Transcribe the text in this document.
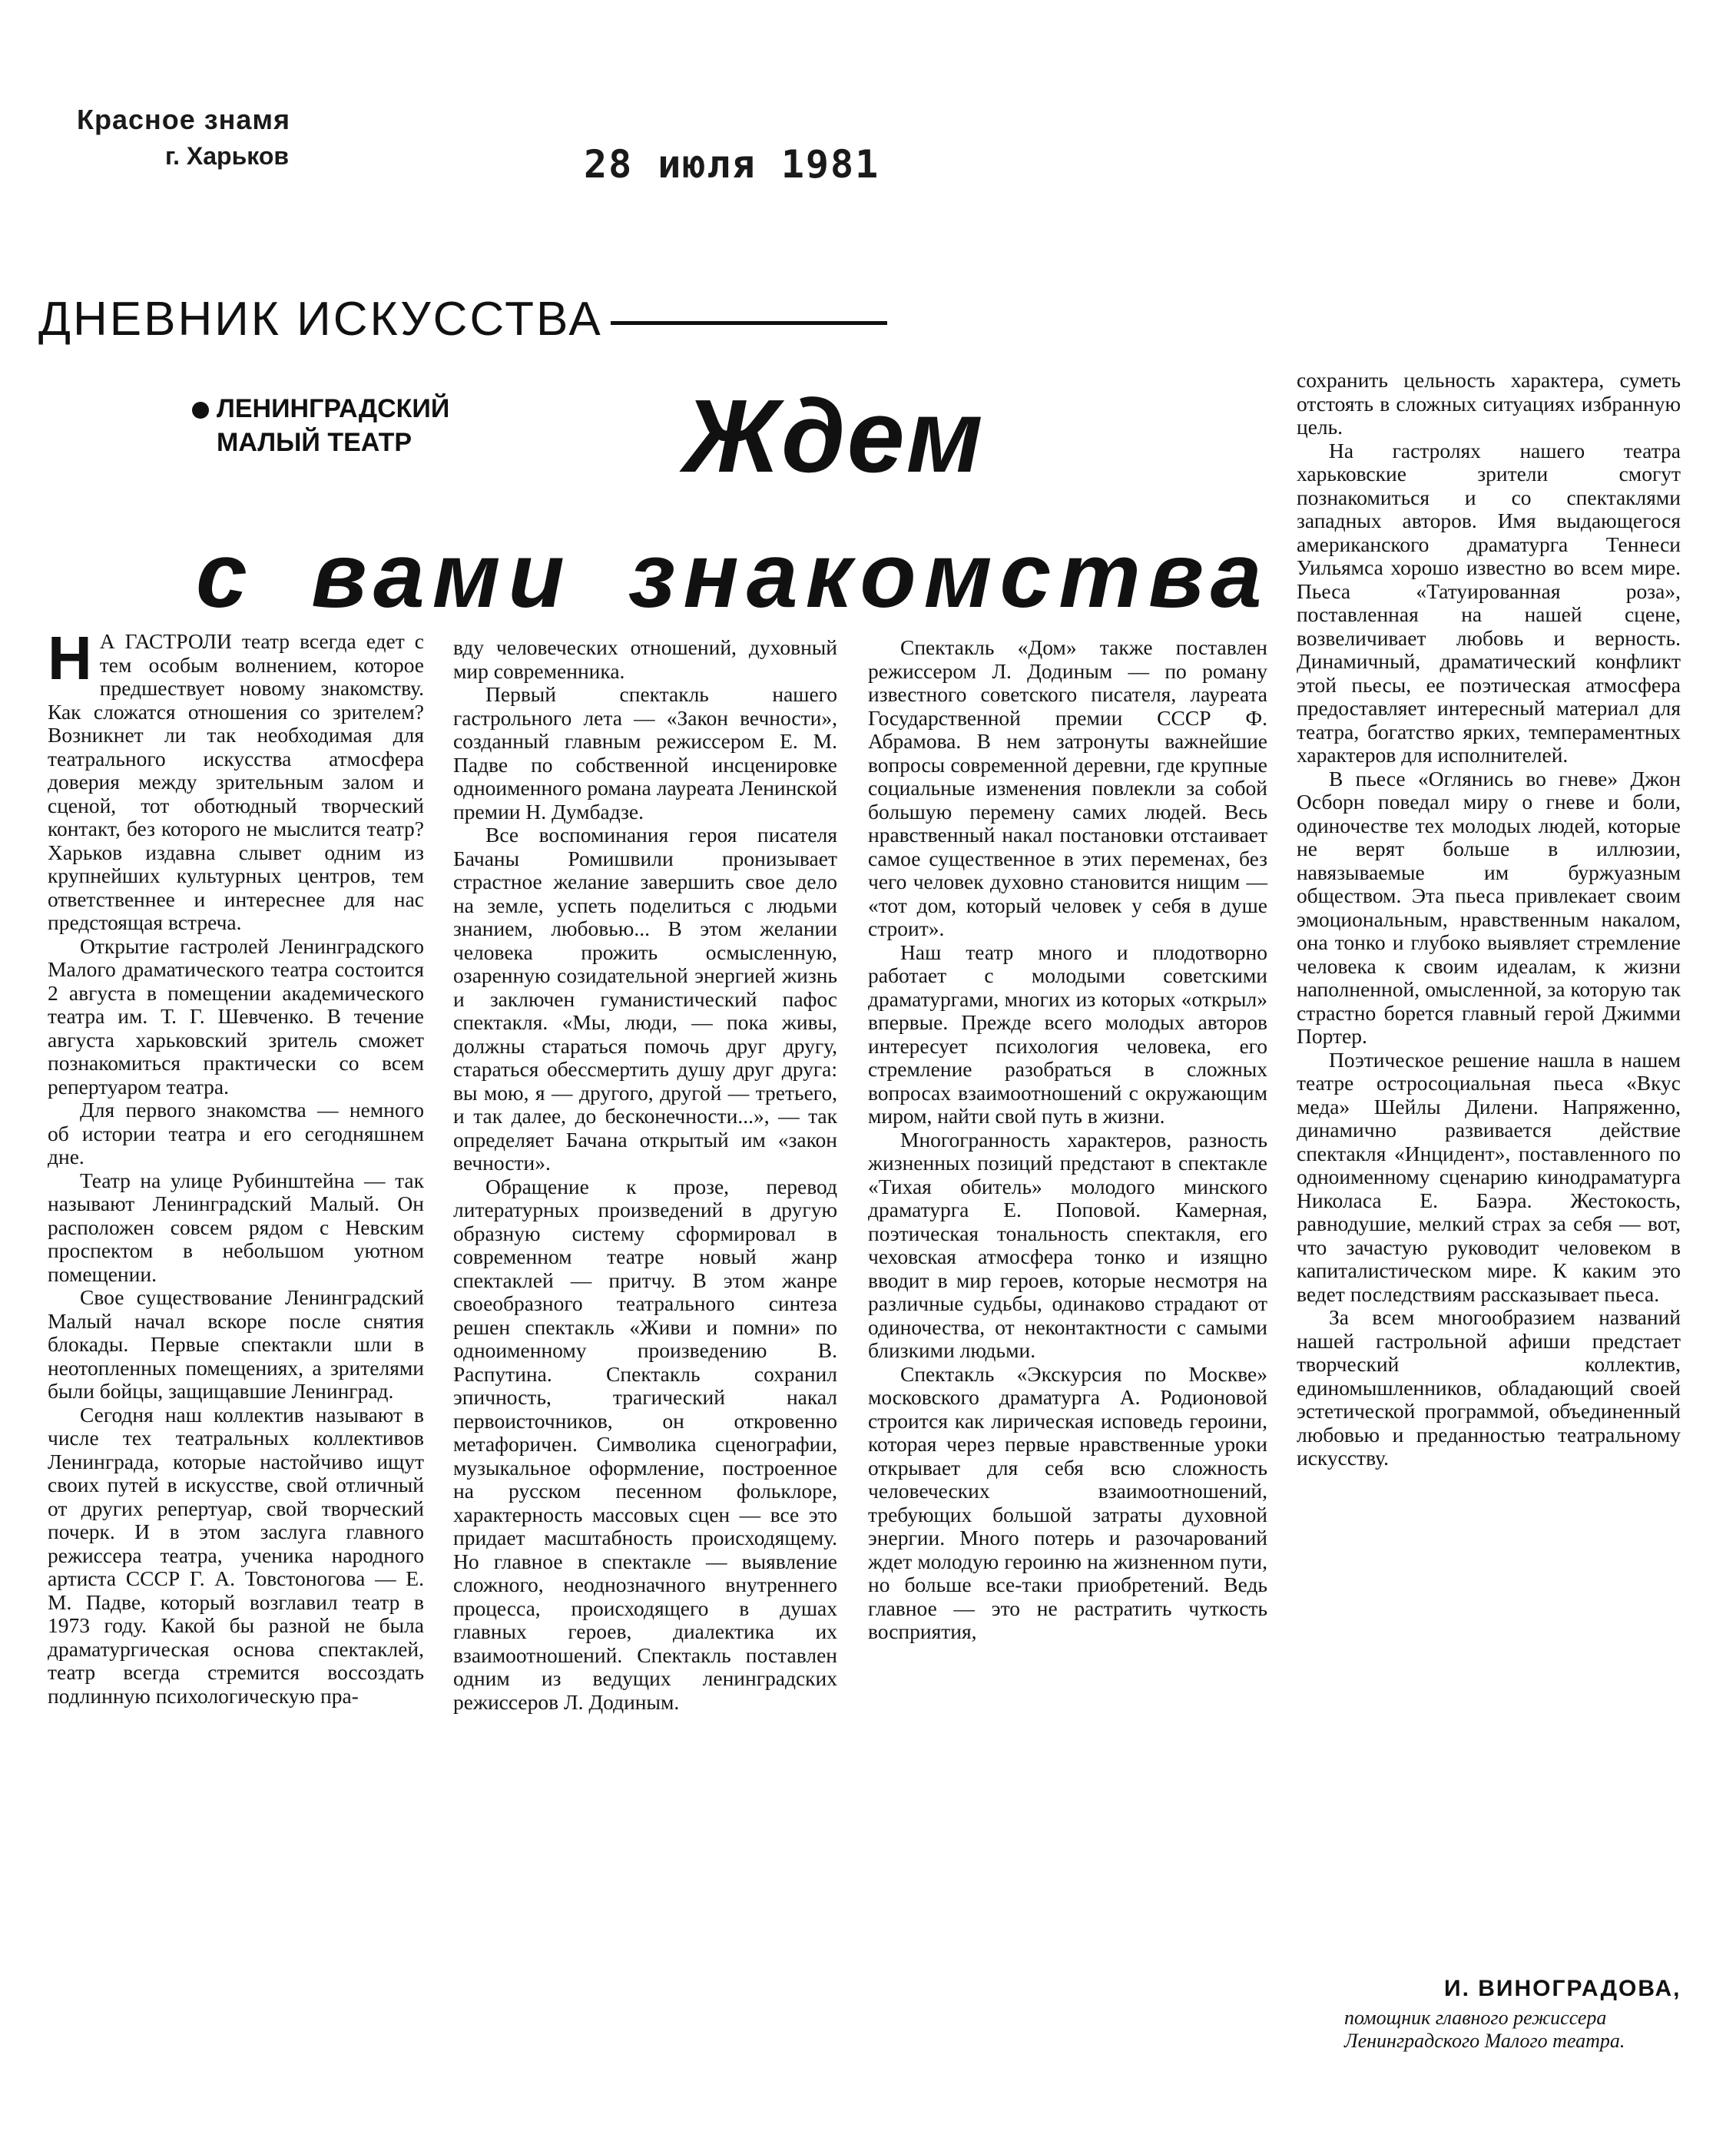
Красное знамя
г. Харьков	28 июля 1981
ДНЕВНИК ИСКУССТВА
ЛЕНИНГРАДСКИЙ
МАЛЫЙ ТЕАТР	Ждем
с вами знакомства

Н А ГАСТРОЛИ театр всегда едет с тем особым волнением, которое предшествует новому знакомству. Как сложатся отношения со зрителем? Возникнет ли так необходимая для театрального искусства атмосфера доверия между зрительным залом и сценой, тот оботюдный творческий контакт, без которого не мыслится театр? Харьков издавна слывет одним из крупнейших культурных центров, тем ответственнее и интереснее для нас предстоящая встреча.

Открытие гастролей Ленинградского Малого драматического театра состоится 2 августа в помещении академического театра им. Т. Г. Шевченко. В течение августа харьковский зритель сможет познакомиться практически со всем репертуаром театра.

Для первого знакомства — немного об истории театра и его сегодняшнем дне.

Театр на улице Рубинштейна — так называют Ленинградский Малый. Он расположен совсем рядом с Невским проспектом в небольшом уютном помещении.

Свое существование Ленинградский Малый начал вскоре после снятия блокады. Первые спектакли шли в неотопленных помещениях, а зрителями были бойцы, защищавшие Ленинград.

Сегодня наш коллектив называют в числе тех театральных коллективов Ленинграда, которые настойчиво ищут своих путей в искусстве, свой отличный от других репертуар, свой творческий почерк. И в этом заслуга главного режиссера театра, ученика народного артиста СССР Г. А. Товстоногова — Е. М. Падве, который возглавил театр в 1973 году. Какой бы разной не была драматургическая основа спектаклей, театр всегда стремится воссоздать подлинную психологическую пра-

вду человеческих отношений, духовный мир современника.

Первый спектакль нашего гастрольного лета — «Закон вечности», созданный главным режиссером Е. М. Падве по собственной инсценировке одноименного романа лауреата Ленинской премии Н. Думбадзе.

Все воспоминания героя писателя Бачаны Ромишвили пронизывает страстное желание завершить свое дело на земле, успеть поделиться с людьми знанием, любовью... В этом желании человека прожить осмысленную, озаренную созидательной энергией жизнь и заключен гуманистический пафос спектакля. «Мы, люди, — пока живы, должны стараться помочь друг другу, стараться обессмертить душу друг друга: вы мою, я — другого, другой — третьего, и так далее, до бесконечности...», — так определяет Бачана открытый им «закон вечности».

Обращение к прозе, перевод литературных произведений в другую образную систему сформировал в современном театре новый жанр спектаклей — притчу. В этом жанре своеобразного театрального синтеза решен спектакль «Живи и помни» по одноименному произведению В. Распутина. Спектакль сохранил эпичность, трагический накал первоисточников, он откровенно метафоричен. Символика сценографии, музыкальное оформление, построенное на русском песенном фольклоре, характерность массовых сцен — все это придает масштабность происходящему. Но главное в спектакле — выявление сложного, неоднозначного внутреннего процесса, происходящего в душах главных героев, диалектика их взаимоотношений. Спектакль поставлен одним из ведущих ленинградских режиссеров Л. Додиным.

Спектакль «Дом» также поставлен режиссером Л. Додиным — по роману известного советского писателя, лауреата Государственной премии СССР Ф. Абрамова. В нем затронуты важнейшие вопросы современной деревни, где крупные социальные изменения повлекли за собой большую перемену самих людей. Весь нравственный накал постановки отстаивает самое существенное в этих переменах, без чего человек духовно становится нищим — «тот дом, который человек у себя в душе строит».

Наш театр много и плодотворно работает с молодыми советскими драматургами, многих из которых «открыл» впервые. Прежде всего молодых авторов интересует психология человека, его стремление разобраться в сложных вопросах взаимоотношений с окружающим миром, найти свой путь в жизни.

Многогранность характеров, разность жизненных позиций предстают в спектакле «Тихая обитель» молодого минского драматурга Е. Поповой. Камерная, поэтическая тональность спектакля, его чеховская атмосфера тонко и изящно вводит в мир героев, которые несмотря на различные судьбы, одинаково страдают от одиночества, от неконтактности с самыми близкими людьми.

Спектакль «Экскурсия по Москве» московского драматурга А. Родионовой строится как лирическая исповедь героини, которая через первые нравственные уроки открывает для себя всю сложность человеческих взаимоотношений, требующих большой затраты духовной энергии. Много потерь и разочарований ждет молодую героиню на жизненном пути, но больше все-таки приобретений. Ведь главное — это не растратить чуткость восприятия,

сохранить цельность характера, суметь отстоять в сложных ситуациях избранную цель.

На гастролях нашего театра харьковские зрители смогут познакомиться и со спектаклями западных авторов. Имя выдающегося американского драматурга Теннеси Уильямса хорошо известно во всем мире. Пьеса «Татуированная роза», поставленная на нашей сцене, возвеличивает любовь и верность. Динамичный, драматический конфликт этой пьесы, ее поэтическая атмосфера предоставляет интересный материал для театра, богатство ярких, темпераментных характеров для исполнителей.

В пьесе «Оглянись во гневе» Джон Осборн поведал миру о гневе и боли, одиночестве тех молодых людей, которые не верят больше в иллюзии, навязываемые им буржуазным обществом. Эта пьеса привлекает своим эмоциональным, нравственным накалом, она тонко и глубоко выявляет стремление человека к своим идеалам, к жизни наполненной, омысленной, за которую так страстно борется главный герой Джимми Портер.

Поэтическое решение нашла в нашем театре остросоциальная пьеса «Вкус меда» Шейлы Дилени. Напряженно, динамично развивается действие спектакля «Инцидент», поставленного по одноименному сценарию кинодраматурга Николаса Е. Баэра. Жестокость, равнодушие, мелкий страх за себя — вот, что зачастую руководит человеком в капиталистическом мире. К каким это ведет последствиям рассказывает пьеса.

За всем многообразием названий нашей гастрольной афиши предстает творческий коллектив, единомышленников, обладающий своей эстетической программой, объединенный любовью и преданностью театральному искусству.

И. ВИНОГРАДОВА,
помощник главного режиссера Ленинградского Малого театра.
